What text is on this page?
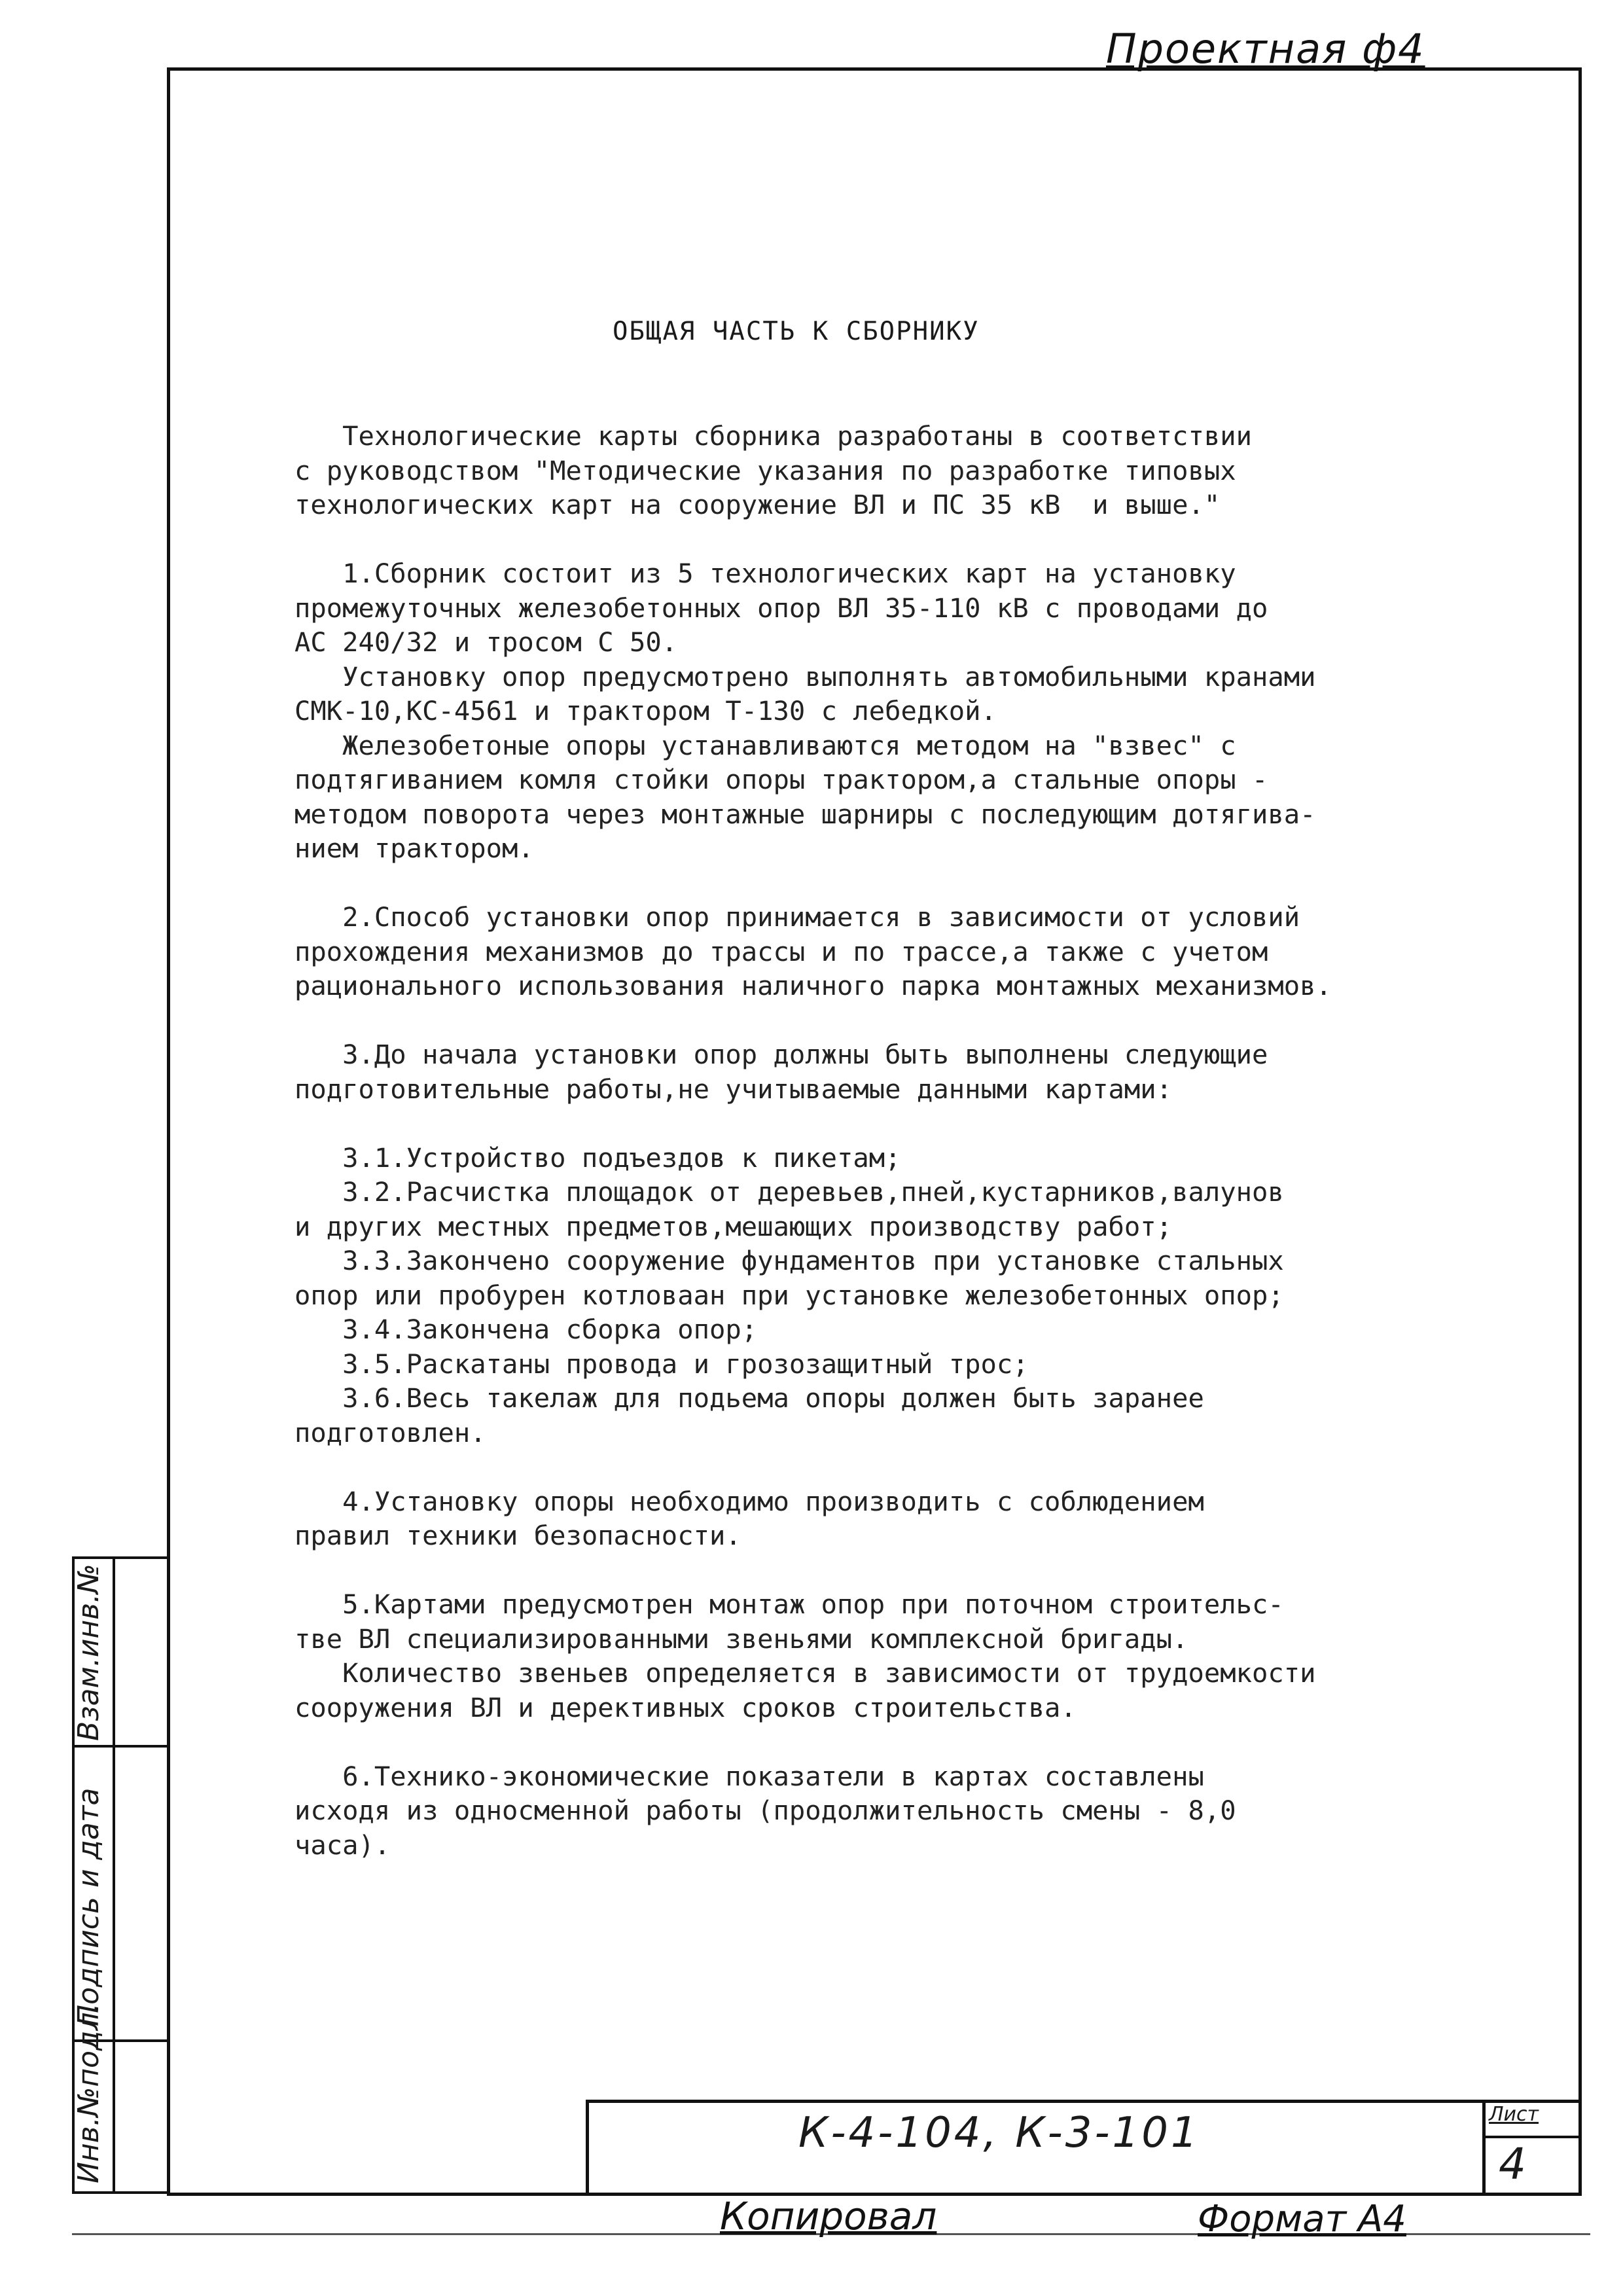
Проектная ф4
ОБЩАЯ ЧАСТЬ К СБОРНИКУ
Технологические карты сборника разработаны в соответствии
с руководством "Методические указания по разработке типовых
технологических карт на сооружение ВЛ и ПС 35 кВ  и выше."
1.Сборник состоит из 5 технологических карт на установку
промежуточных железобетонных опор ВЛ 35-110 кВ с проводами до
АС 240/32 и тросом С 50.
Установку опор предусмотрено выполнять автомобильными кранами
СМК-10,КС-4561 и трактором Т-130 с лебедкой.
Железобетоные опоры устанавливаются методом на "взвес" с
подтягиванием комля стойки опоры трактором,а стальные опоры -
методом поворота через монтажные шарниры с последующим дотягива-
нием трактором.
2.Способ установки опор принимается в зависимости от условий
прохождения механизмов до трассы и по трассе,а также с учетом
рационального использования наличного парка монтажных механизмов.
3.До начала установки опор должны быть выполнены следующие
подготовительные работы,не учитываемые данными картами:
3.1.Устройство подъездов к пикетам;
3.2.Расчистка площадок от деревьев,пней,кустарников,валунов
и других местных предметов,мешающих производству работ;
3.3.Закончено сооружение фундаментов при установке стальных
опор или пробурен котловаан при установке железобетонных опор;
3.4.Закончена сборка опор;
3.5.Раскатаны провода и грозозащитный трос;
3.6.Весь такелаж для подьема опоры должен быть заранее
подготовлен.
4.Установку опоры необходимо производить с соблюдением
правил техники безопасности.
5.Картами предусмотрен монтаж опор при поточном строительс-
тве ВЛ специализированными звеньями комплексной бригады.
Количество звеньев определяется в зависимости от трудоемкости
сооружения ВЛ и дерективных сроков строительства.
6.Технико-экономические показатели в картах составлены
исходя из односменной работы (продолжительность смены - 8,0
часа).
Инв.№подл.
Подпись и дата
Взам.инв.№
К-4-104, К-3-101	Лист
4
Копировал	Формат А4
